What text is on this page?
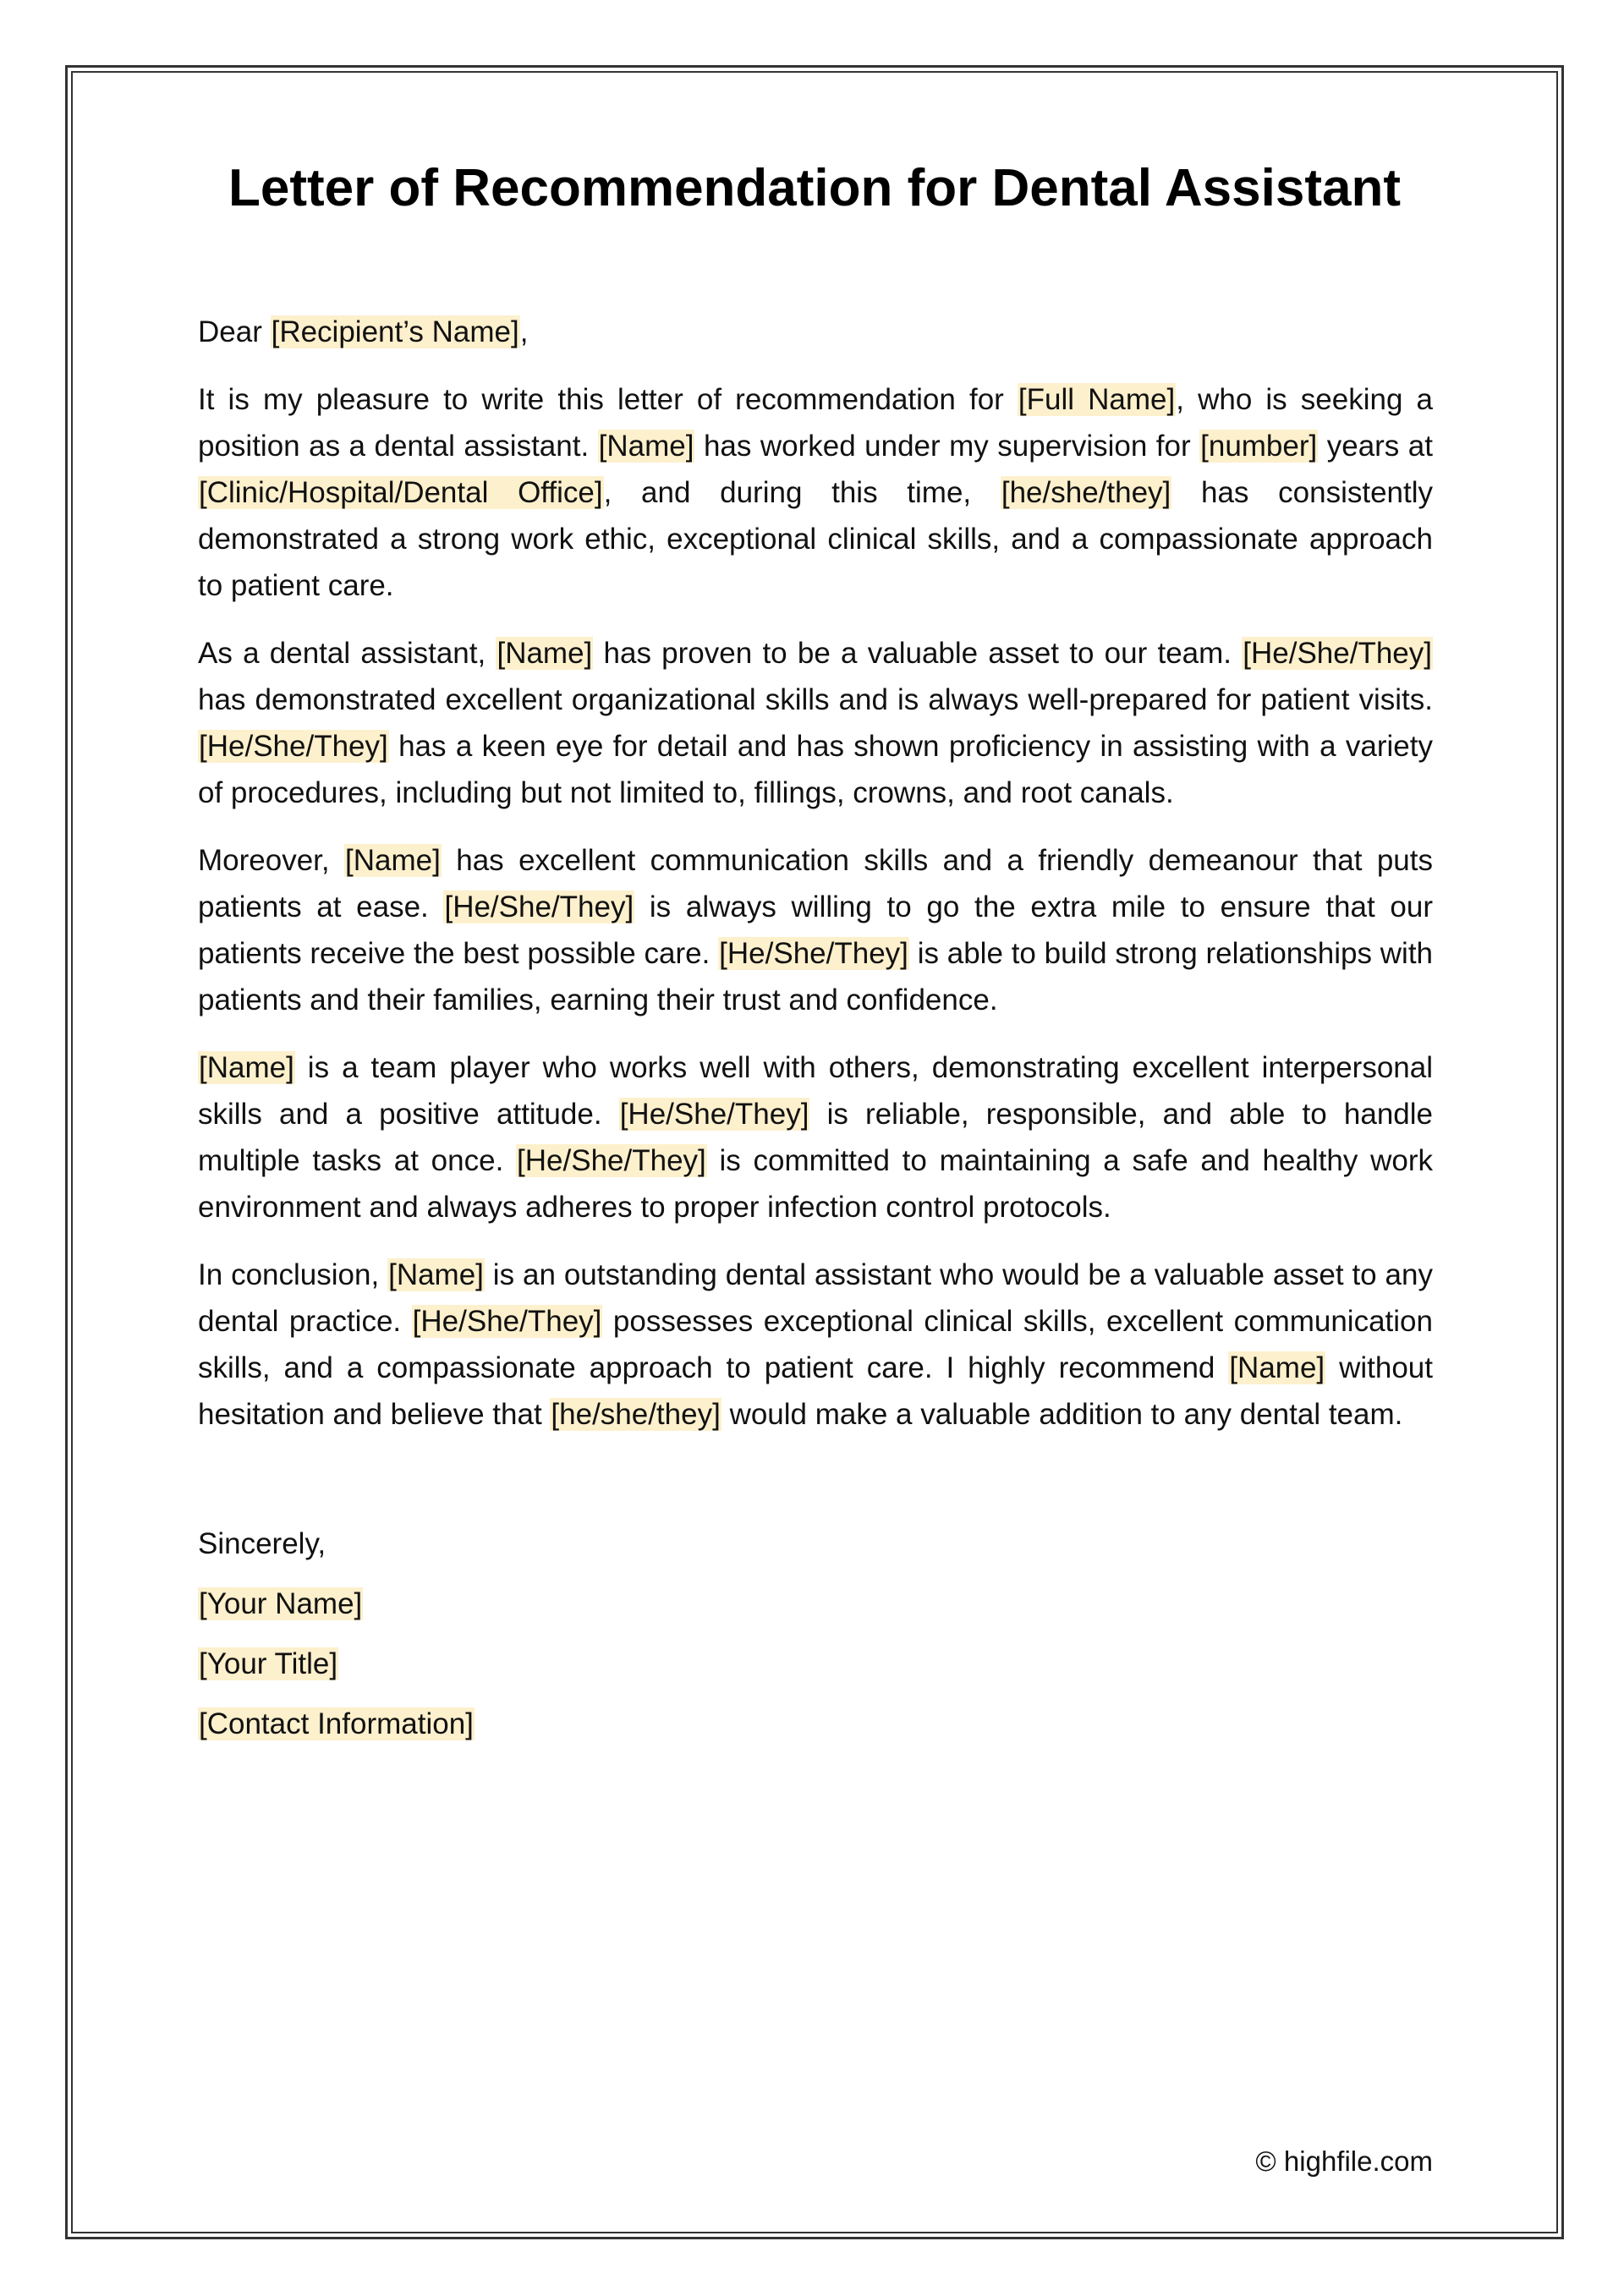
Letter of Recommendation for Dental Assistant

Dear [Recipient’s Name],

It is my pleasure to write this letter of recommendation for [Full Name], who is seeking a position as a dental assistant. [Name] has worked under my supervision for [number] years at [Clinic/Hospital/Dental Office], and during this time, [he/she/they] has consistently demonstrated a strong work ethic, exceptional clinical skills, and a compassionate approach to patient care.

As a dental assistant, [Name] has proven to be a valuable asset to our team. [He/She/They] has demonstrated excellent organizational skills and is always well-prepared for patient visits. [He/She/They] has a keen eye for detail and has shown proficiency in assisting with a variety of procedures, including but not limited to, fillings, crowns, and root canals.

Moreover, [Name] has excellent communication skills and a friendly demeanour that puts patients at ease. [He/She/They] is always willing to go the extra mile to ensure that our patients receive the best possible care. [He/She/They] is able to build strong relationships with patients and their families, earning their trust and confidence.

[Name] is a team player who works well with others, demonstrating excellent interpersonal skills and a positive attitude. [He/She/They] is reliable, responsible, and able to handle multiple tasks at once. [He/She/They] is committed to maintaining a safe and healthy work environment and always adheres to proper infection control protocols.

In conclusion, [Name] is an outstanding dental assistant who would be a valuable asset to any dental practice. [He/She/They] possesses exceptional clinical skills, excellent communication skills, and a compassionate approach to patient care. I highly recommend [Name] without hesitation and believe that [he/she/they] would make a valuable addition to any dental team.

Sincerely,
[Your Name]
[Your Title]
[Contact Information]
© highfile.com
